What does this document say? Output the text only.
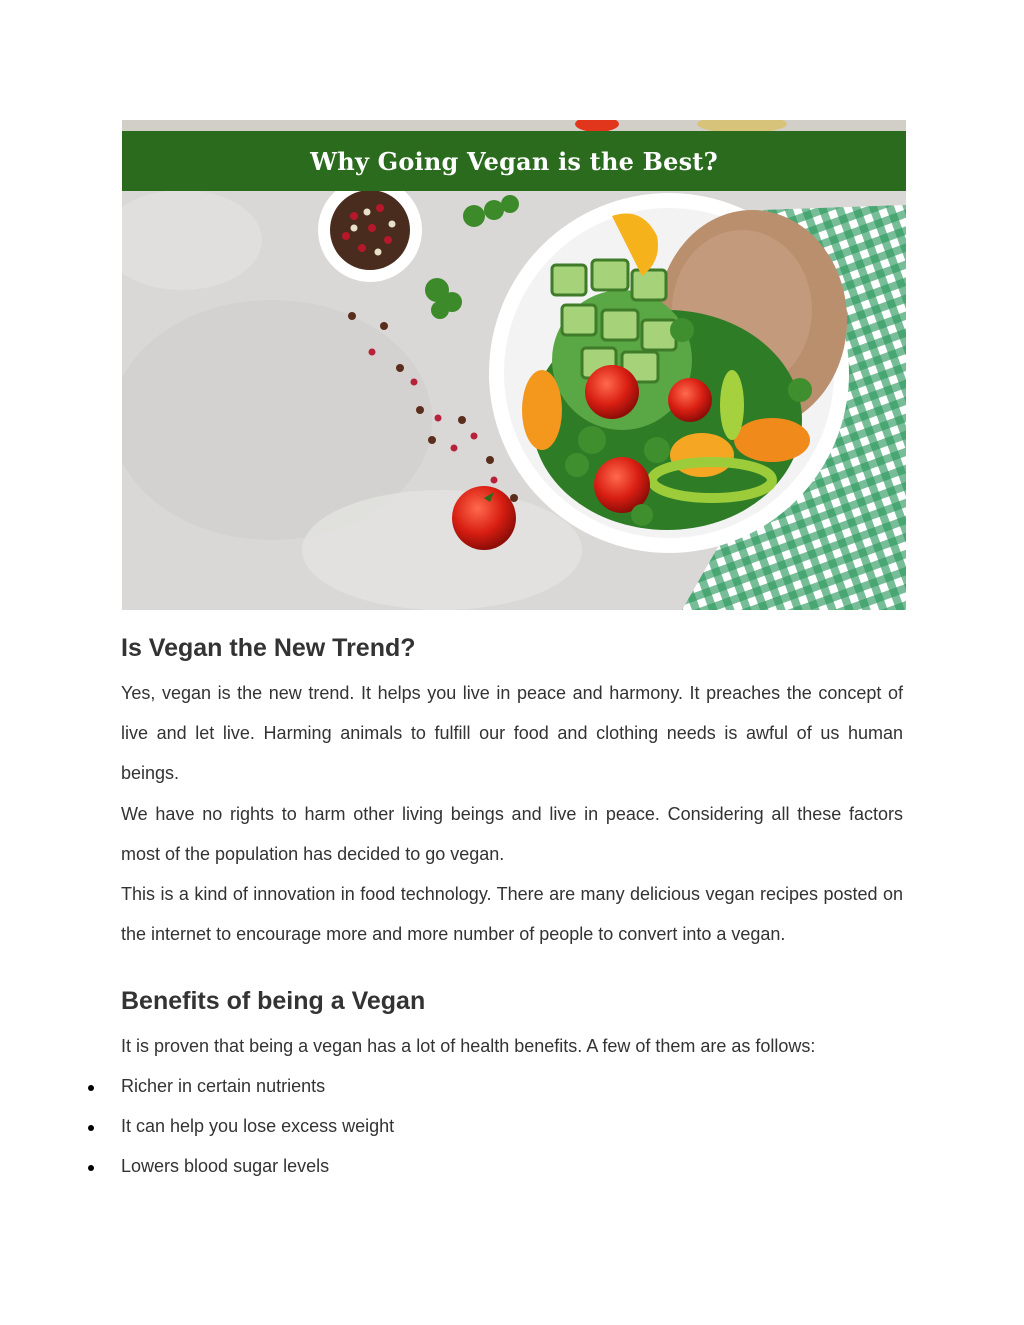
Why Going Vegan is the Best?
Is Vegan the New Trend?

Yes, vegan is the new trend. It helps you live in peace and harmony. It preaches the concept of live and let live. Harming animals to fulfill our food and clothing needs is awful of us human beings.

We have no rights to harm other living beings and live in peace. Considering all these factors most of the population has decided to go vegan.

This is a kind of innovation in food technology. There are many delicious vegan recipes posted on the internet to encourage more and more number of people to convert into a vegan.

Benefits of being a Vegan

It is proven that being a vegan has a lot of health benefits. A few of them are as follows:

Richer in certain nutrients
It can help you lose excess weight
Lowers blood sugar levels
